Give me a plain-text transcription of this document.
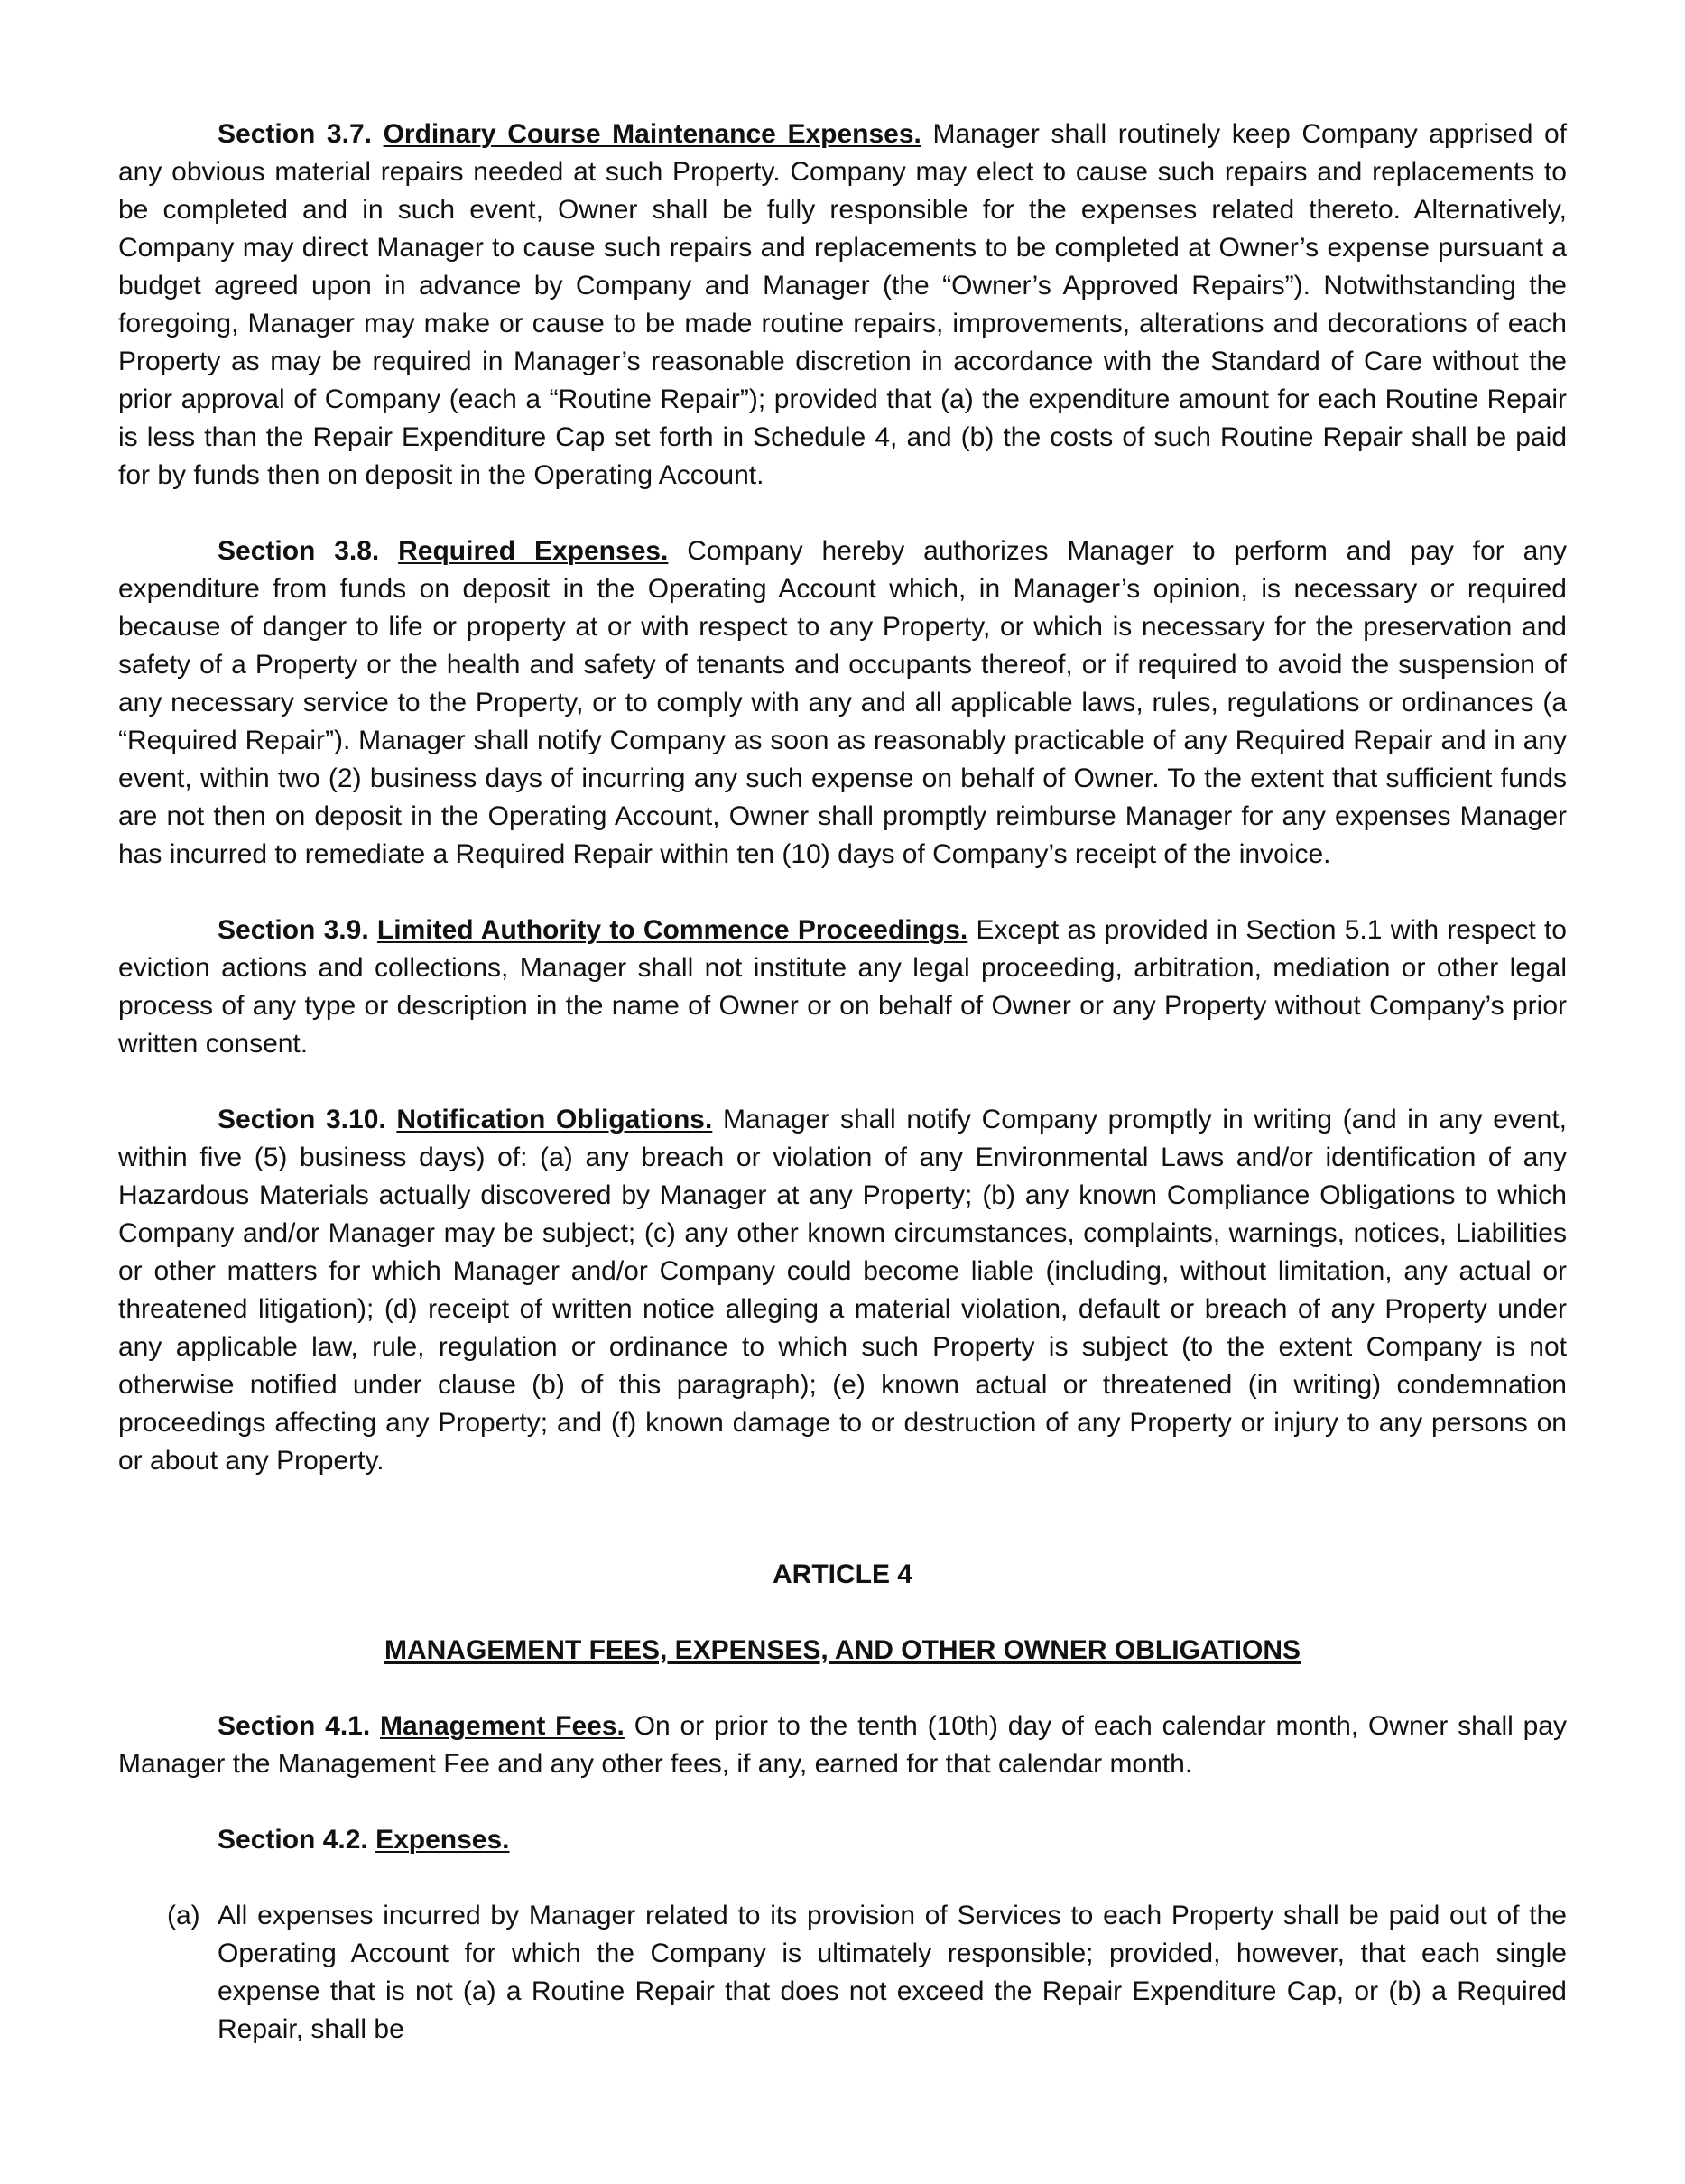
Section 3.7. Ordinary Course Maintenance Expenses. Manager shall routinely keep Company apprised of any obvious material repairs needed at such Property. Company may elect to cause such repairs and replacements to be completed and in such event, Owner shall be fully responsible for the expenses related thereto. Alternatively, Company may direct Manager to cause such repairs and replacements to be completed at Owner’s expense pursuant a budget agreed upon in advance by Company and Manager (the “Owner’s Approved Repairs”). Notwithstanding the foregoing, Manager may make or cause to be made routine repairs, improvements, alterations and decorations of each Property as may be required in Manager’s reasonable discretion in accordance with the Standard of Care without the prior approval of Company (each a “Routine Repair”); provided that (a) the expenditure amount for each Routine Repair is less than the Repair Expenditure Cap set forth in Schedule 4, and (b) the costs of such Routine Repair shall be paid for by funds then on deposit in the Operating Account.

Section 3.8. Required Expenses. Company hereby authorizes Manager to perform and pay for any expenditure from funds on deposit in the Operating Account which, in Manager’s opinion, is necessary or required because of danger to life or property at or with respect to any Property, or which is necessary for the preservation and safety of a Property or the health and safety of tenants and occupants thereof, or if required to avoid the suspension of any necessary service to the Property, or to comply with any and all applicable laws, rules, regulations or ordinances (a “Required Repair”). Manager shall notify Company as soon as reasonably practicable of any Required Repair and in any event, within two (2) business days of incurring any such expense on behalf of Owner. To the extent that sufficient funds are not then on deposit in the Operating Account, Owner shall promptly reimburse Manager for any expenses Manager has incurred to remediate a Required Repair within ten (10) days of Company’s receipt of the invoice.

Section 3.9. Limited Authority to Commence Proceedings. Except as provided in Section 5.1 with respect to eviction actions and collections, Manager shall not institute any legal proceeding, arbitration, mediation or other legal process of any type or description in the name of Owner or on behalf of Owner or any Property without Company’s prior written consent.

Section 3.10. Notification Obligations. Manager shall notify Company promptly in writing (and in any event, within five (5) business days) of: (a) any breach or violation of any Environmental Laws and/or identification of any Hazardous Materials actually discovered by Manager at any Property; (b) any known Compliance Obligations to which Company and/or Manager may be subject; (c) any other known circumstances, complaints, warnings, notices, Liabilities or other matters for which Manager and/or Company could become liable (including, without limitation, any actual or threatened litigation); (d) receipt of written notice alleging a material violation, default or breach of any Property under any applicable law, rule, regulation or ordinance to which such Property is subject (to the extent Company is not otherwise notified under clause (b) of this paragraph); (e) known actual or threatened (in writing) condemnation proceedings affecting any Property; and (f) known damage to or destruction of any Property or injury to any persons on or about any Property.

ARTICLE 4

MANAGEMENT FEES, EXPENSES, AND OTHER OWNER OBLIGATIONS

Section 4.1. Management Fees. On or prior to the tenth (10th) day of each calendar month, Owner shall pay Manager the Management Fee and any other fees, if any, earned for that calendar month.

Section 4.2. Expenses.

(a) All expenses incurred by Manager related to its provision of Services to each Property shall be paid out of the Operating Account for which the Company is ultimately responsible; provided, however, that each single expense that is not (a) a Routine Repair that does not exceed the Repair Expenditure Cap, or (b) a Required Repair, shall be
